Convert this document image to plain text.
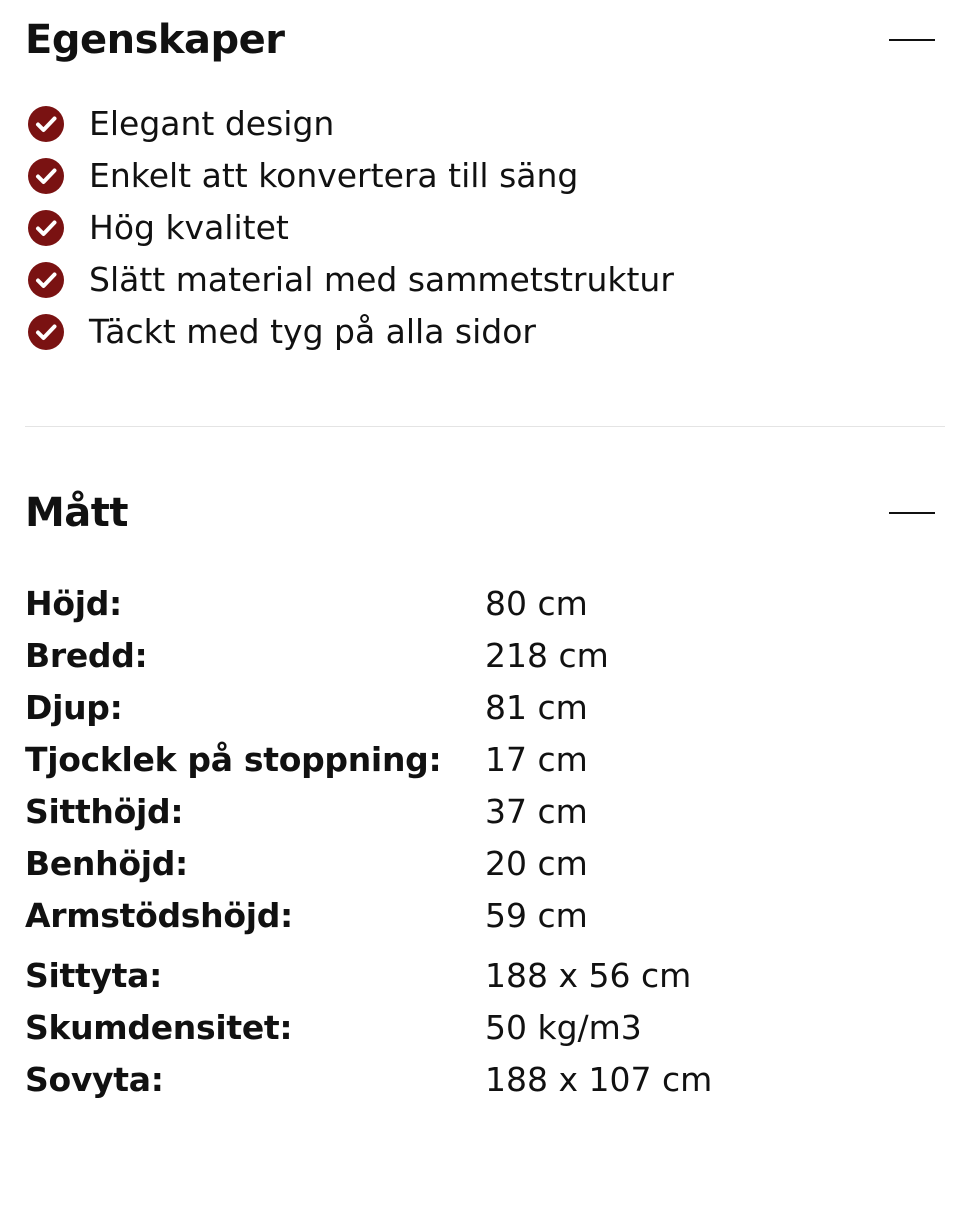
Egenskaper
Elegant design
Enkelt att konvertera till säng
Hög kvalitet
Slätt material med sammetstruktur
Täckt med tyg på alla sidor
Mått
Höjd:	80 cm
Bredd:	218 cm
Djup:	81 cm
Tjocklek på stoppning: 17 cm
Sitthöjd:	37 cm
Benhöjd:	20 cm
Armstödshöjd:	59 cm
Sittyta:	188 x 56 cm
Skumdensitet:	50 kg/m3
Sovyta:	188 x 107 cm
